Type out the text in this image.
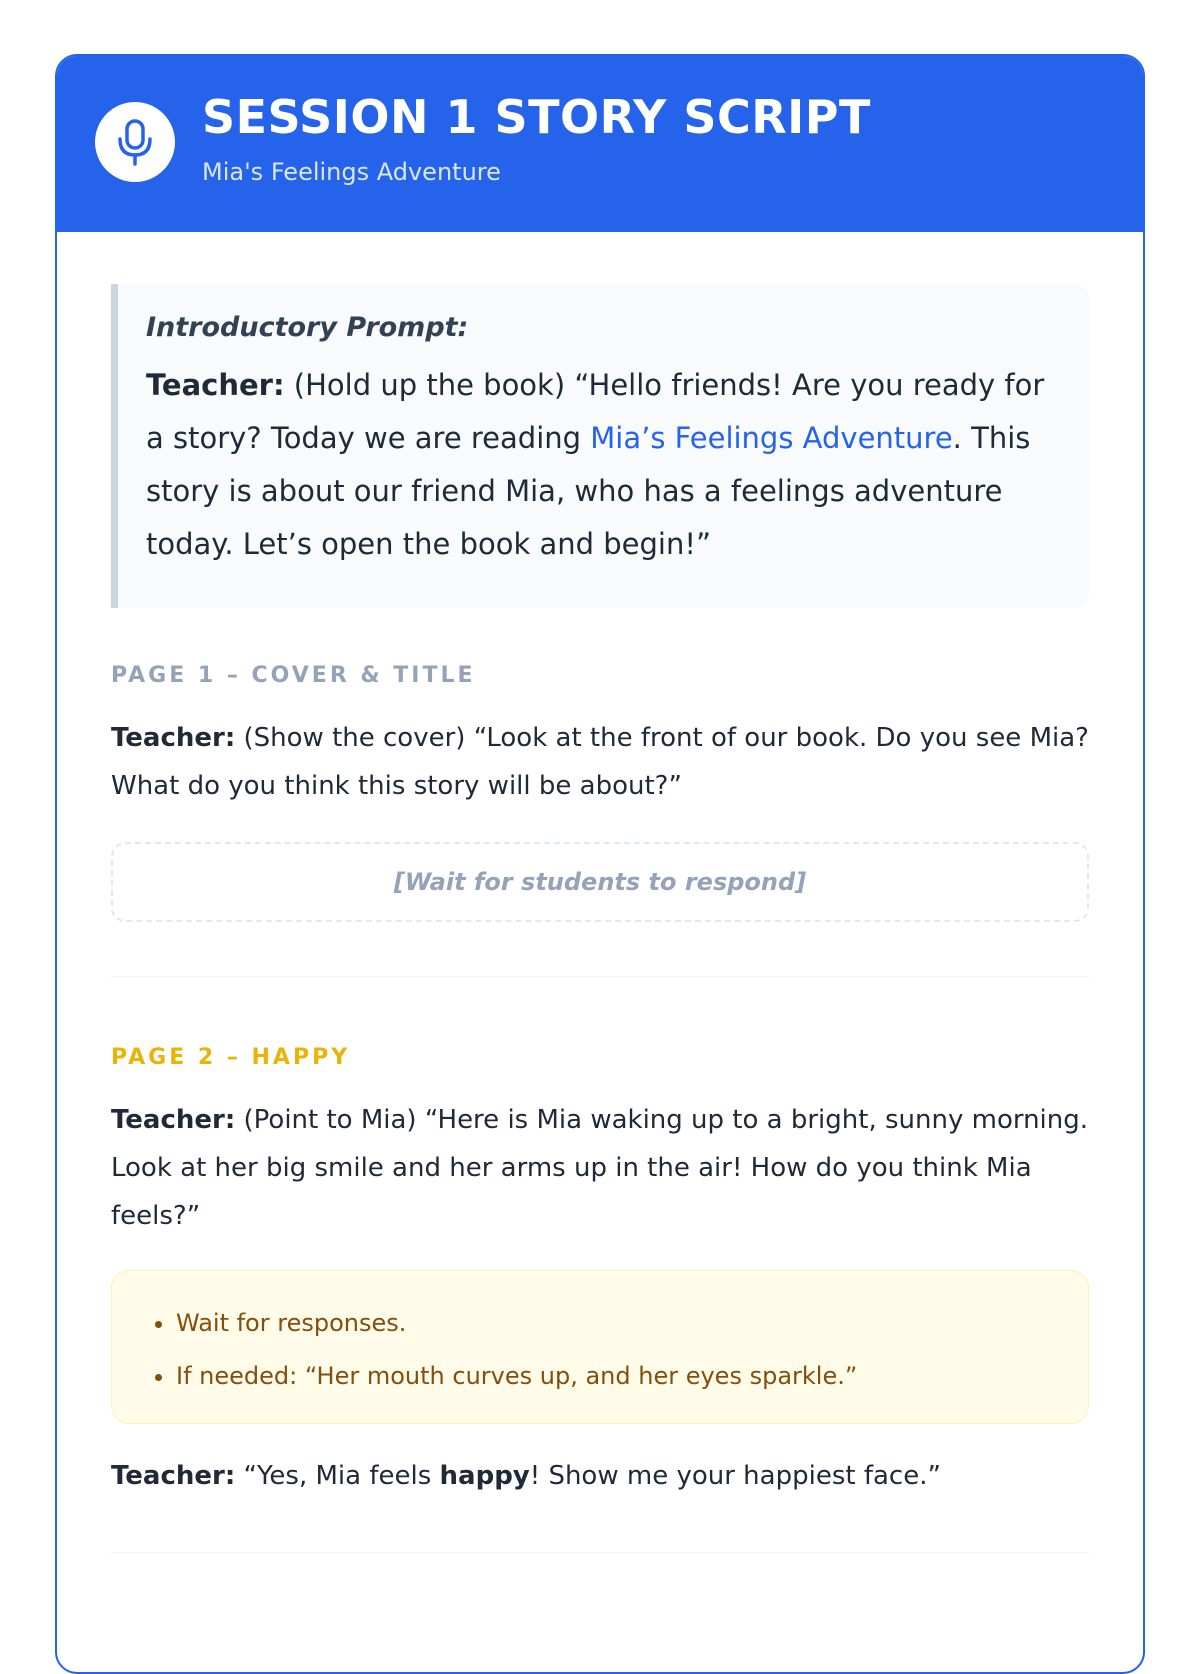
SESSION 1 STORY SCRIPT
Mia's Feelings Adventure
Introductory Prompt:
Teacher: (Hold up the book) “Hello friends! Are you ready for a story? Today we are reading Mia’s Feelings Adventure. This story is about our friend Mia, who has a feelings adventure today. Let’s open the book and begin!”
PAGE 1 – COVER & TITLE

Teacher: (Show the cover) “Look at the front of our book. Do you see Mia? What do you think this story will be about?”

[Wait for students to respond]
PAGE 2 – HAPPY

Teacher: (Point to Mia) “Here is Mia waking up to a bright, sunny morning. Look at her big smile and her arms up in the air! How do you think Mia feels?”

• Wait for responses.
• If needed: “Her mouth curves up, and her eyes sparkle.”

Teacher: “Yes, Mia feels happy! Show me your happiest face.”
